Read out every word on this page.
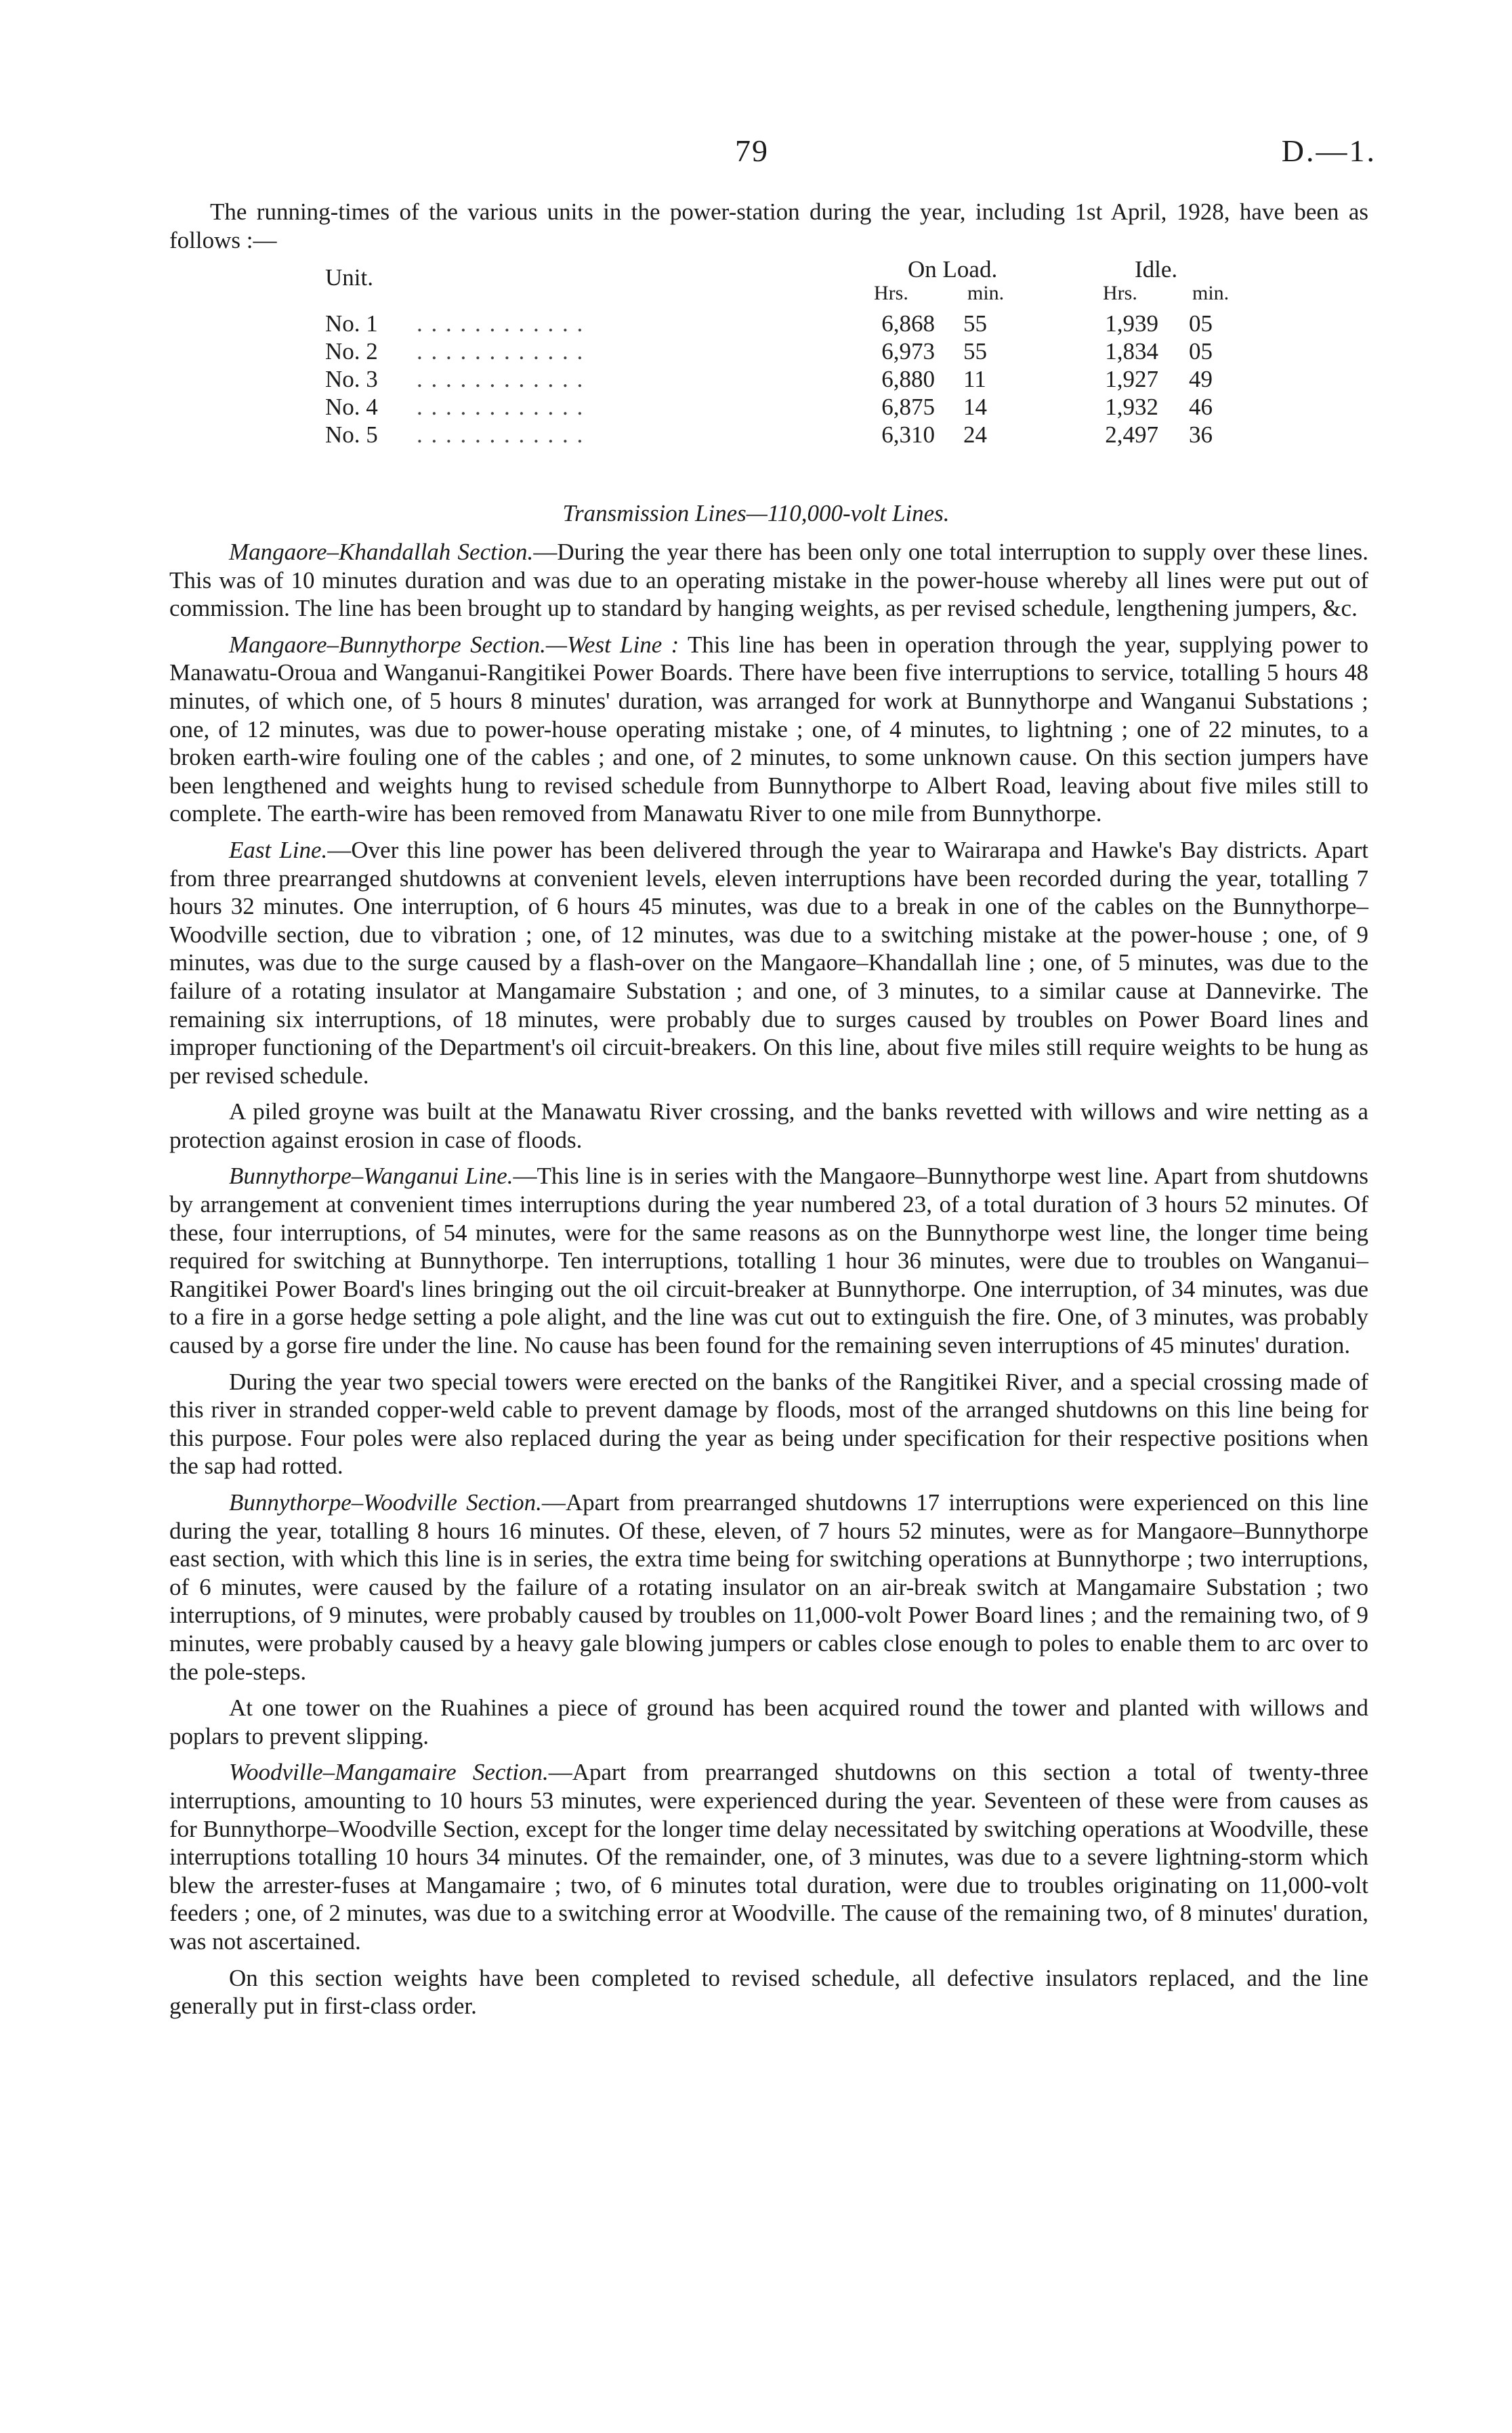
79	D.—1.

The running-times of the various units in the power-station during the year, including 1st April, 1928, have been as follows :—

Unit.	On Load.	Idle.
Hrs.	min.	Hrs.	min.
No. 1 . . . . . . . . . . . .	6,868 55	1,939 05
No. 2 . . . . . . . . . . . .	6,973 55	1,834 05
No. 3 . . . . . . . . . . . .	6,880 11	1,927 49
No. 4 . . . . . . . . . . . .	6,875 14	1,932 46
No. 5 . . . . . . . . . . . .	6,310 24	2,497 36
Transmission Lines—110,000-volt Lines.

Mangaore–Khandallah Section.—During the year there has been only one total interruption to supply over these lines. This was of 10 minutes duration and was due to an operating mistake in the power-house whereby all lines were put out of commission. The line has been brought up to standard by hanging weights, as per revised schedule, lengthening jumpers, &c.

Mangaore–Bunnythorpe Section.—West Line : This line has been in operation through the year, supplying power to Manawatu-Oroua and Wanganui-Rangitikei Power Boards. There have been five interruptions to service, totalling 5 hours 48 minutes, of which one, of 5 hours 8 minutes' duration, was arranged for work at Bunnythorpe and Wanganui Substations ; one, of 12 minutes, was due to power-house operating mistake ; one, of 4 minutes, to lightning ; one of 22 minutes, to a broken earth-wire fouling one of the cables ; and one, of 2 minutes, to some unknown cause. On this section jumpers have been lengthened and weights hung to revised schedule from Bunnythorpe to Albert Road, leaving about five miles still to complete. The earth-wire has been removed from Manawatu River to one mile from Bunnythorpe.

East Line.—Over this line power has been delivered through the year to Wairarapa and Hawke's Bay districts. Apart from three prearranged shutdowns at convenient levels, eleven interruptions have been recorded during the year, totalling 7 hours 32 minutes. One interruption, of 6 hours 45 minutes, was due to a break in one of the cables on the Bunnythorpe–Woodville section, due to vibration ; one, of 12 minutes, was due to a switching mistake at the power-house ; one, of 9 minutes, was due to the surge caused by a flash-over on the Mangaore–Khandallah line ; one, of 5 minutes, was due to the failure of a rotating insulator at Mangamaire Substation ; and one, of 3 minutes, to a similar cause at Dannevirke. The remaining six interruptions, of 18 minutes, were probably due to surges caused by troubles on Power Board lines and improper functioning of the Department's oil circuit-breakers. On this line, about five miles still require weights to be hung as per revised schedule.

A piled groyne was built at the Manawatu River crossing, and the banks revetted with willows and wire netting as a protection against erosion in case of floods.

Bunnythorpe–Wanganui Line.—This line is in series with the Mangaore–Bunnythorpe west line. Apart from shutdowns by arrangement at convenient times interruptions during the year numbered 23, of a total duration of 3 hours 52 minutes. Of these, four interruptions, of 54 minutes, were for the same reasons as on the Bunnythorpe west line, the longer time being required for switching at Bunnythorpe. Ten interruptions, totalling 1 hour 36 minutes, were due to troubles on Wanganui–Rangitikei Power Board's lines bringing out the oil circuit-breaker at Bunnythorpe. One interruption, of 34 minutes, was due to a fire in a gorse hedge setting a pole alight, and the line was cut out to extinguish the fire. One, of 3 minutes, was probably caused by a gorse fire under the line. No cause has been found for the remaining seven interruptions of 45 minutes' duration.

During the year two special towers were erected on the banks of the Rangitikei River, and a special crossing made of this river in stranded copper-weld cable to prevent damage by floods, most of the arranged shutdowns on this line being for this purpose. Four poles were also replaced during the year as being under specification for their respective positions when the sap had rotted.

Bunnythorpe–Woodville Section.—Apart from prearranged shutdowns 17 interruptions were experienced on this line during the year, totalling 8 hours 16 minutes. Of these, eleven, of 7 hours 52 minutes, were as for Mangaore–Bunnythorpe east section, with which this line is in series, the extra time being for switching operations at Bunnythorpe ; two interruptions, of 6 minutes, were caused by the failure of a rotating insulator on an air-break switch at Mangamaire Substation ; two interruptions, of 9 minutes, were probably caused by troubles on 11,000-volt Power Board lines ; and the remaining two, of 9 minutes, were probably caused by a heavy gale blowing jumpers or cables close enough to poles to enable them to arc over to the pole-steps.

At one tower on the Ruahines a piece of ground has been acquired round the tower and planted with willows and poplars to prevent slipping.

Woodville–Mangamaire Section.—Apart from prearranged shutdowns on this section a total of twenty-three interruptions, amounting to 10 hours 53 minutes, were experienced during the year. Seventeen of these were from causes as for Bunnythorpe–Woodville Section, except for the longer time delay necessitated by switching operations at Woodville, these interruptions totalling 10 hours 34 minutes. Of the remainder, one, of 3 minutes, was due to a severe lightning-storm which blew the arrester-fuses at Mangamaire ; two, of 6 minutes total duration, were due to troubles originating on 11,000-volt feeders ; one, of 2 minutes, was due to a switching error at Woodville. The cause of the remaining two, of 8 minutes' duration, was not ascertained.

On this section weights have been completed to revised schedule, all defective insulators replaced, and the line generally put in first-class order.
